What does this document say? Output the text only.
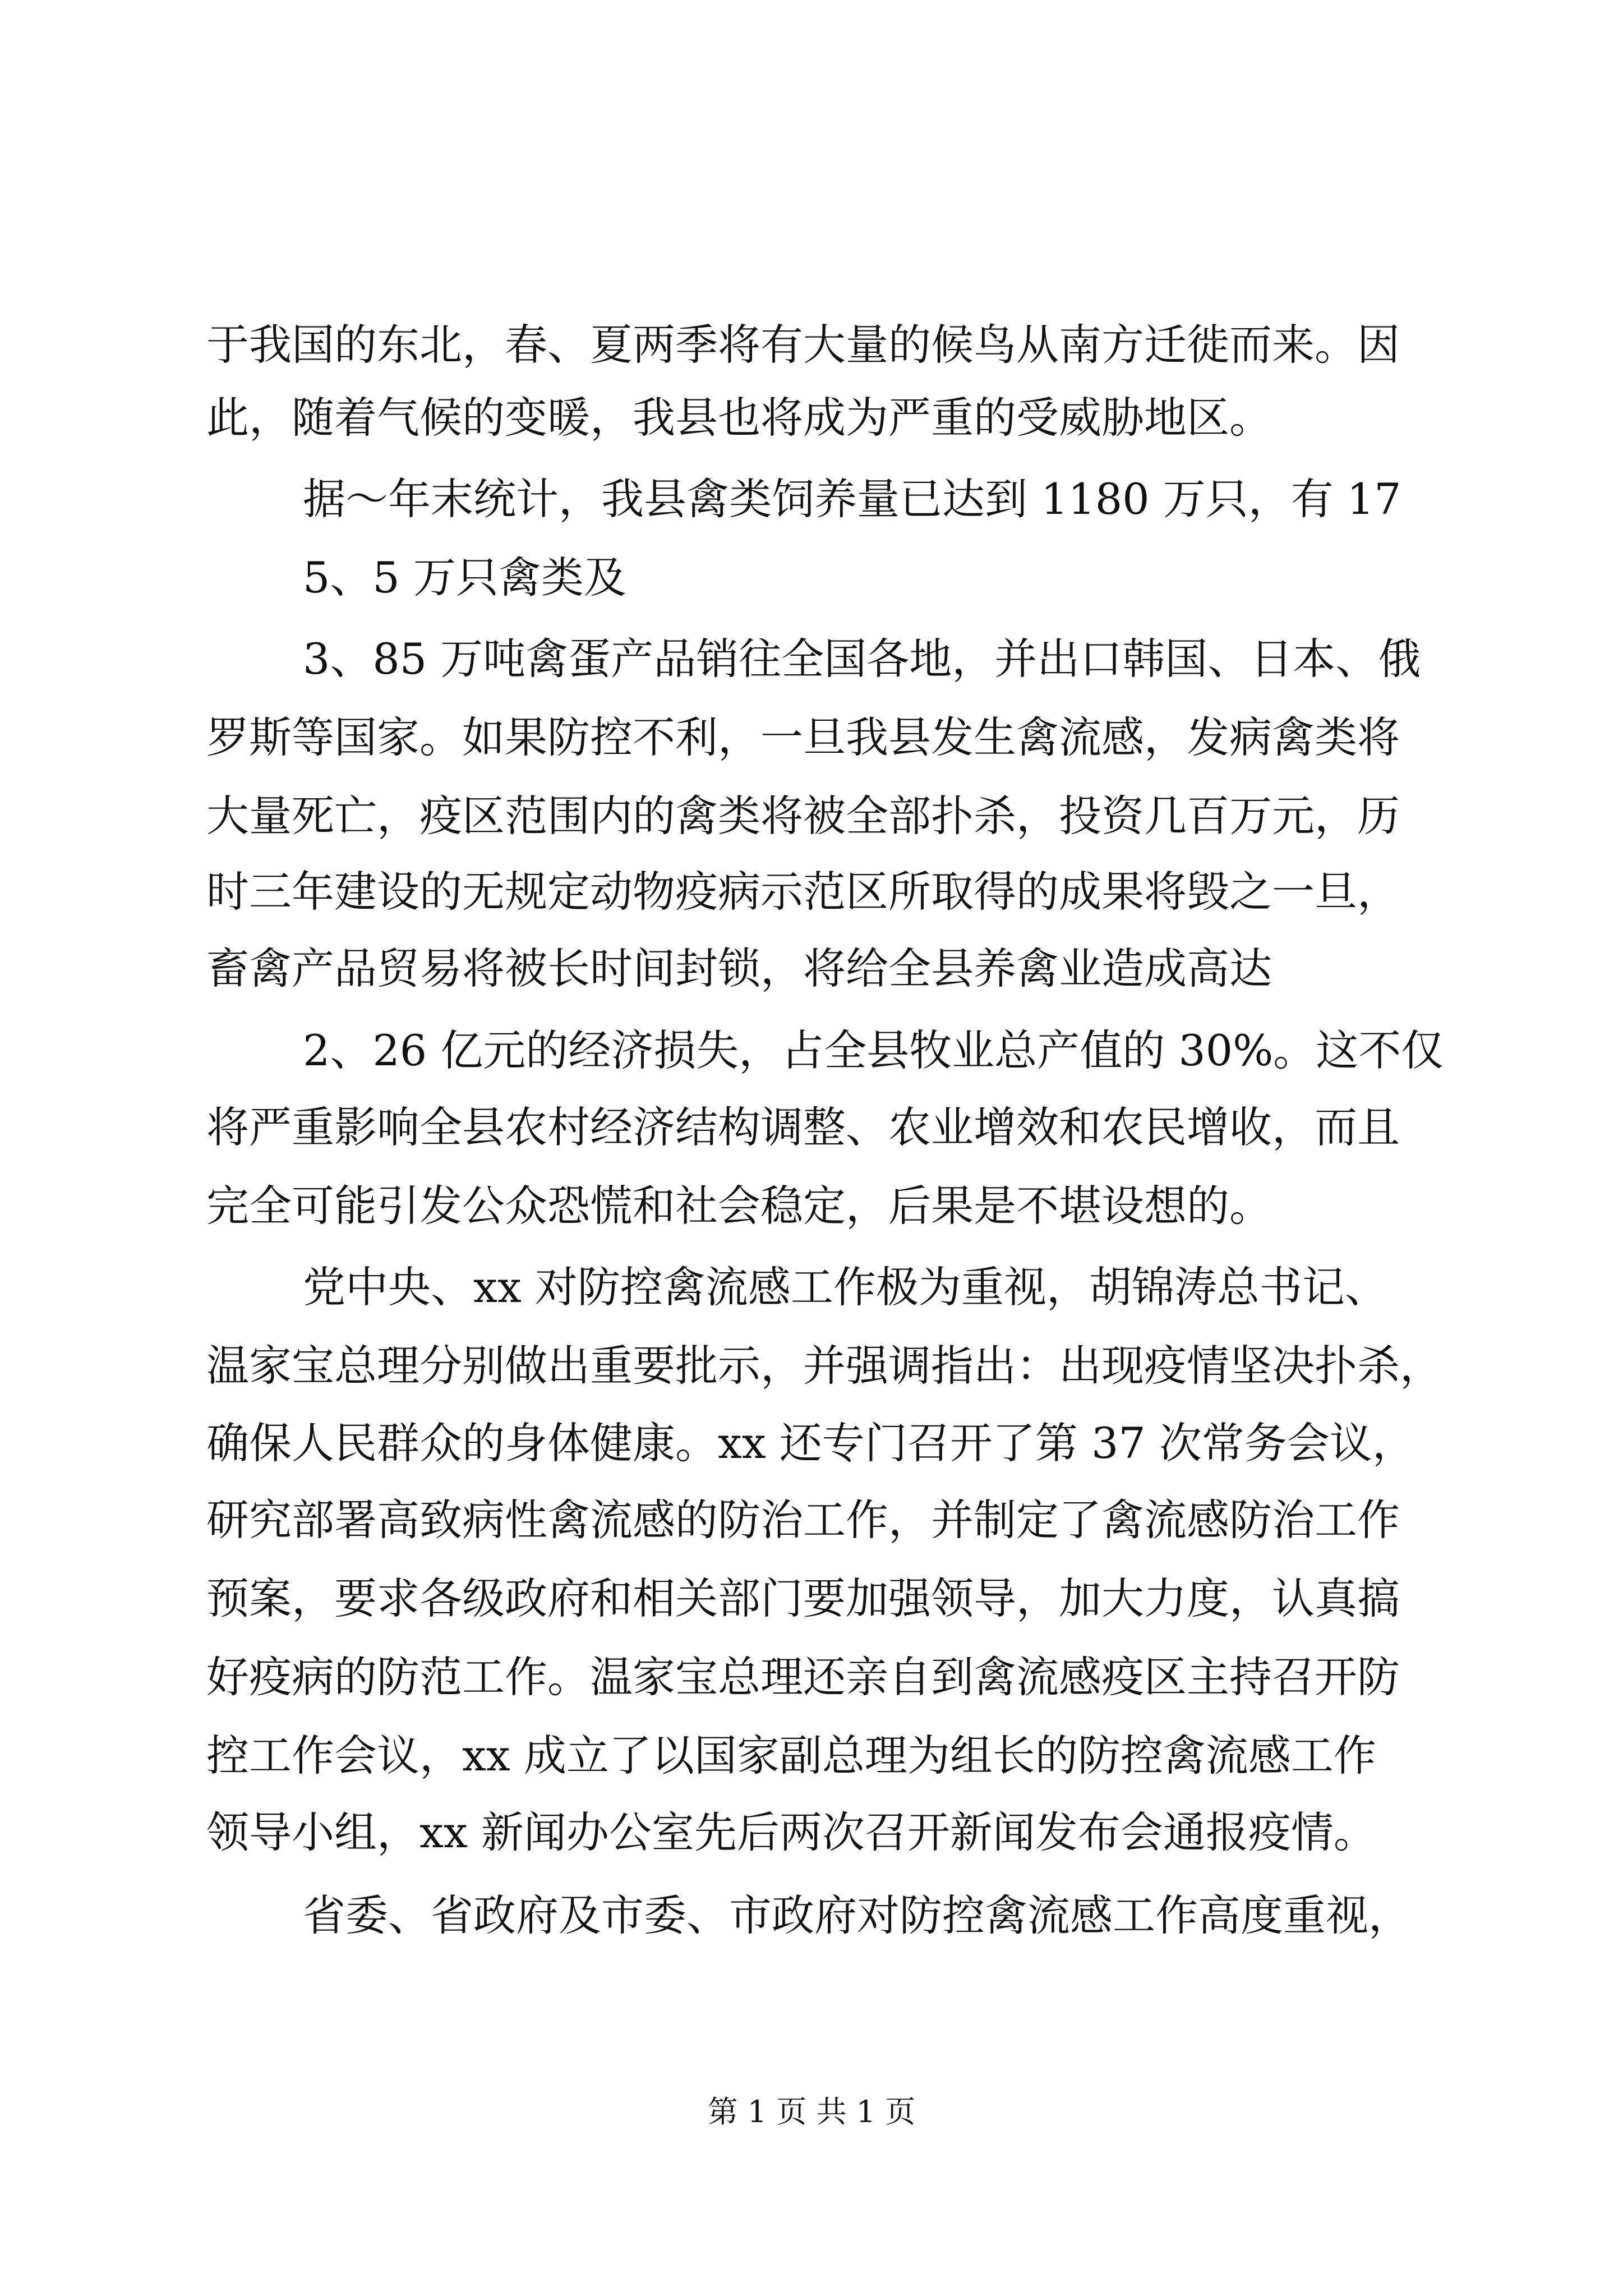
于我国的东北，春、夏两季将有大量的候鸟从南方迁徙而来。因
此，随着气候的变暖，我县也将成为严重的受威胁地区。
据～年末统计，我县禽类饲养量已达到 1180 万只，有 17
5、5 万只禽类及
3、85 万吨禽蛋产品销往全国各地，并出口韩国、日本、俄
罗斯等国家。如果防控不利，一旦我县发生禽流感，发病禽类将
大量死亡，疫区范围内的禽类将被全部扑杀，投资几百万元，历
时三年建设的无规定动物疫病示范区所取得的成果将毁之一旦，
畜禽产品贸易将被长时间封锁，将给全县养禽业造成高达
2、26 亿元的经济损失，占全县牧业总产值的 30%。这不仅
将严重影响全县农村经济结构调整、农业增效和农民增收，而且
完全可能引发公众恐慌和社会稳定，后果是不堪设想的。
党中央、xx 对防控禽流感工作极为重视，胡锦涛总书记、
温家宝总理分别做出重要批示，并强调指出：出现疫情坚决扑杀，
确保人民群众的身体健康。xx 还专门召开了第 37 次常务会议，
研究部署高致病性禽流感的防治工作，并制定了禽流感防治工作
预案，要求各级政府和相关部门要加强领导，加大力度，认真搞
好疫病的防范工作。温家宝总理还亲自到禽流感疫区主持召开防
控工作会议，xx 成立了以国家副总理为组长的防控禽流感工作
领导小组，xx 新闻办公室先后两次召开新闻发布会通报疫情。
省委、省政府及市委、市政府对防控禽流感工作高度重视，
第 1 页 共 1 页
